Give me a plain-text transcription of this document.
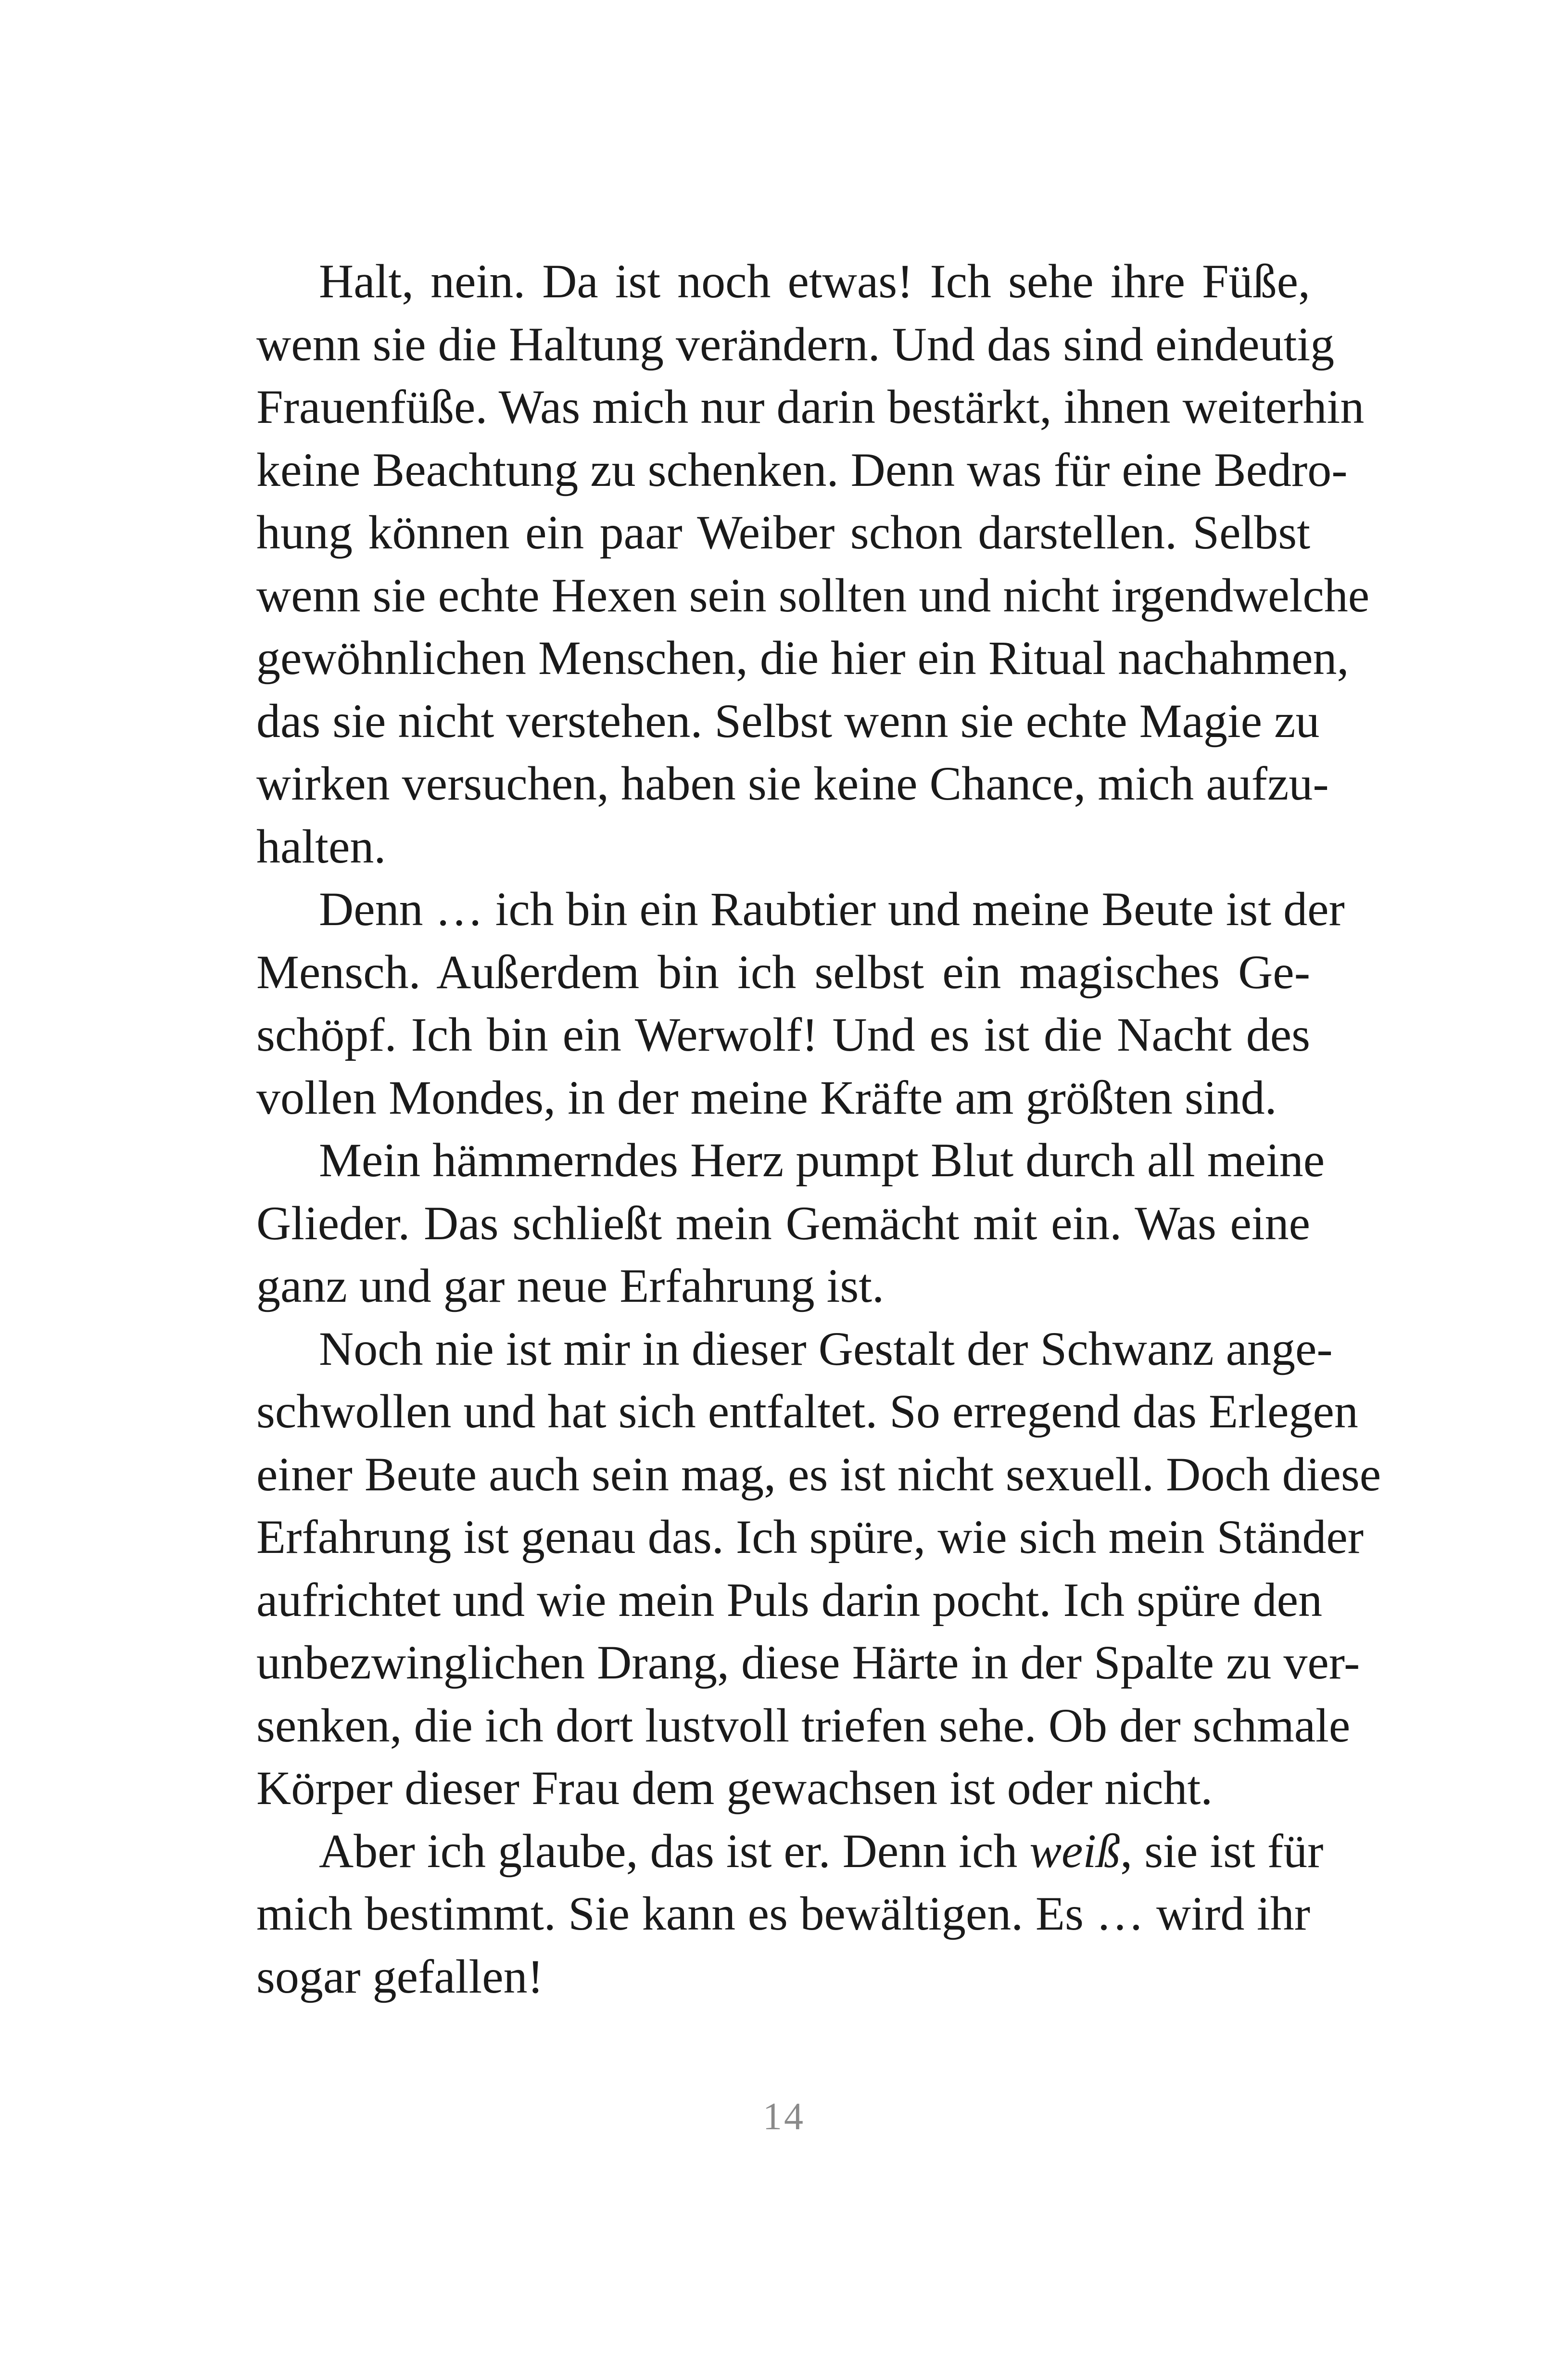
Halt, nein. Da ist noch etwas! Ich sehe ihre Füße,
wenn sie die Haltung verändern. Und das sind eindeutig
Frauenfüße. Was mich nur darin bestärkt, ihnen weiterhin
keine Beachtung zu schenken. Denn was für eine Bedro-
hung können ein paar Weiber schon darstellen. Selbst
wenn sie echte Hexen sein sollten und nicht irgendwelche
gewöhnlichen Menschen, die hier ein Ritual nachahmen,
das sie nicht verstehen. Selbst wenn sie echte Magie zu
wirken versuchen, haben sie keine Chance, mich aufzu-
halten.
Denn … ich bin ein Raubtier und meine Beute ist der
Mensch. Außerdem bin ich selbst ein magisches Ge-
schöpf. Ich bin ein Werwolf! Und es ist die Nacht des
vollen Mondes, in der meine Kräfte am größten sind.
Mein hämmerndes Herz pumpt Blut durch all meine
Glieder. Das schließt mein Gemächt mit ein. Was eine
ganz und gar neue Erfahrung ist.
Noch nie ist mir in dieser Gestalt der Schwanz ange-
schwollen und hat sich entfaltet. So erregend das Erlegen
einer Beute auch sein mag, es ist nicht sexuell. Doch diese
Erfahrung ist genau das. Ich spüre, wie sich mein Ständer
aufrichtet und wie mein Puls darin pocht. Ich spüre den
unbezwinglichen Drang, diese Härte in der Spalte zu ver-
senken, die ich dort lustvoll triefen sehe. Ob der schmale
Körper dieser Frau dem gewachsen ist oder nicht.
Aber ich glaube, das ist er. Denn ich weiß, sie ist für
mich bestimmt. Sie kann es bewältigen. Es … wird ihr
sogar gefallen!
14
